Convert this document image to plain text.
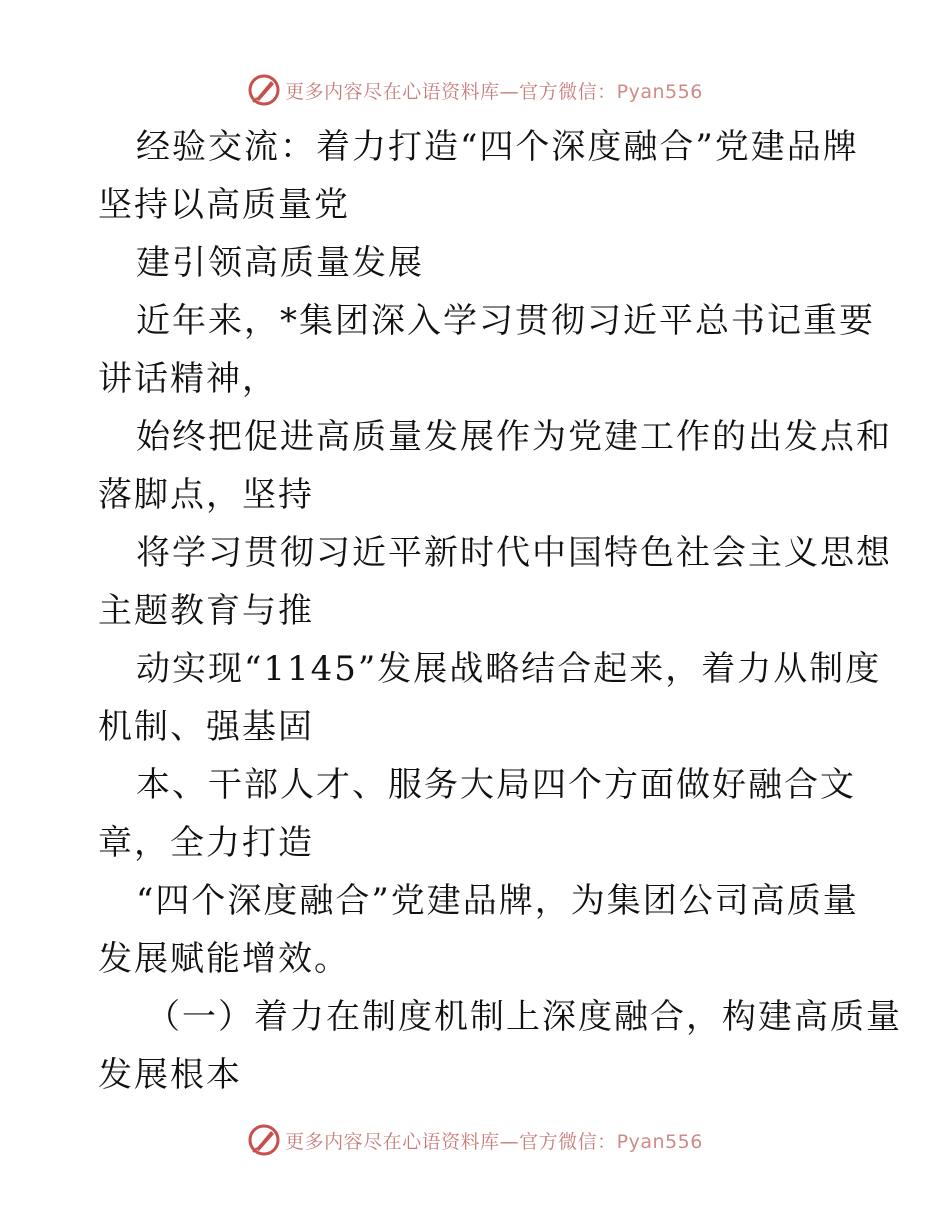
更多内容尽在心语资料库—官方微信：Pyan556
经验交流：着力打造“四个深度融合”党建品牌
坚持以高质量党
建引领高质量发展
近年来，*集团深入学习贯彻习近平总书记重要
讲话精神，
始终把促进高质量发展作为党建工作的出发点和
落脚点，坚持
将学习贯彻习近平新时代中国特色社会主义思想
主题教育与推
动实现“1145”发展战略结合起来，着力从制度
机制、强基固
本、干部人才、服务大局四个方面做好融合文
章，全力打造
“四个深度融合”党建品牌，为集团公司高质量
发展赋能增效。
（一）着力在制度机制上深度融合，构建高质量
发展根本
更多内容尽在心语资料库—官方微信：Pyan556
